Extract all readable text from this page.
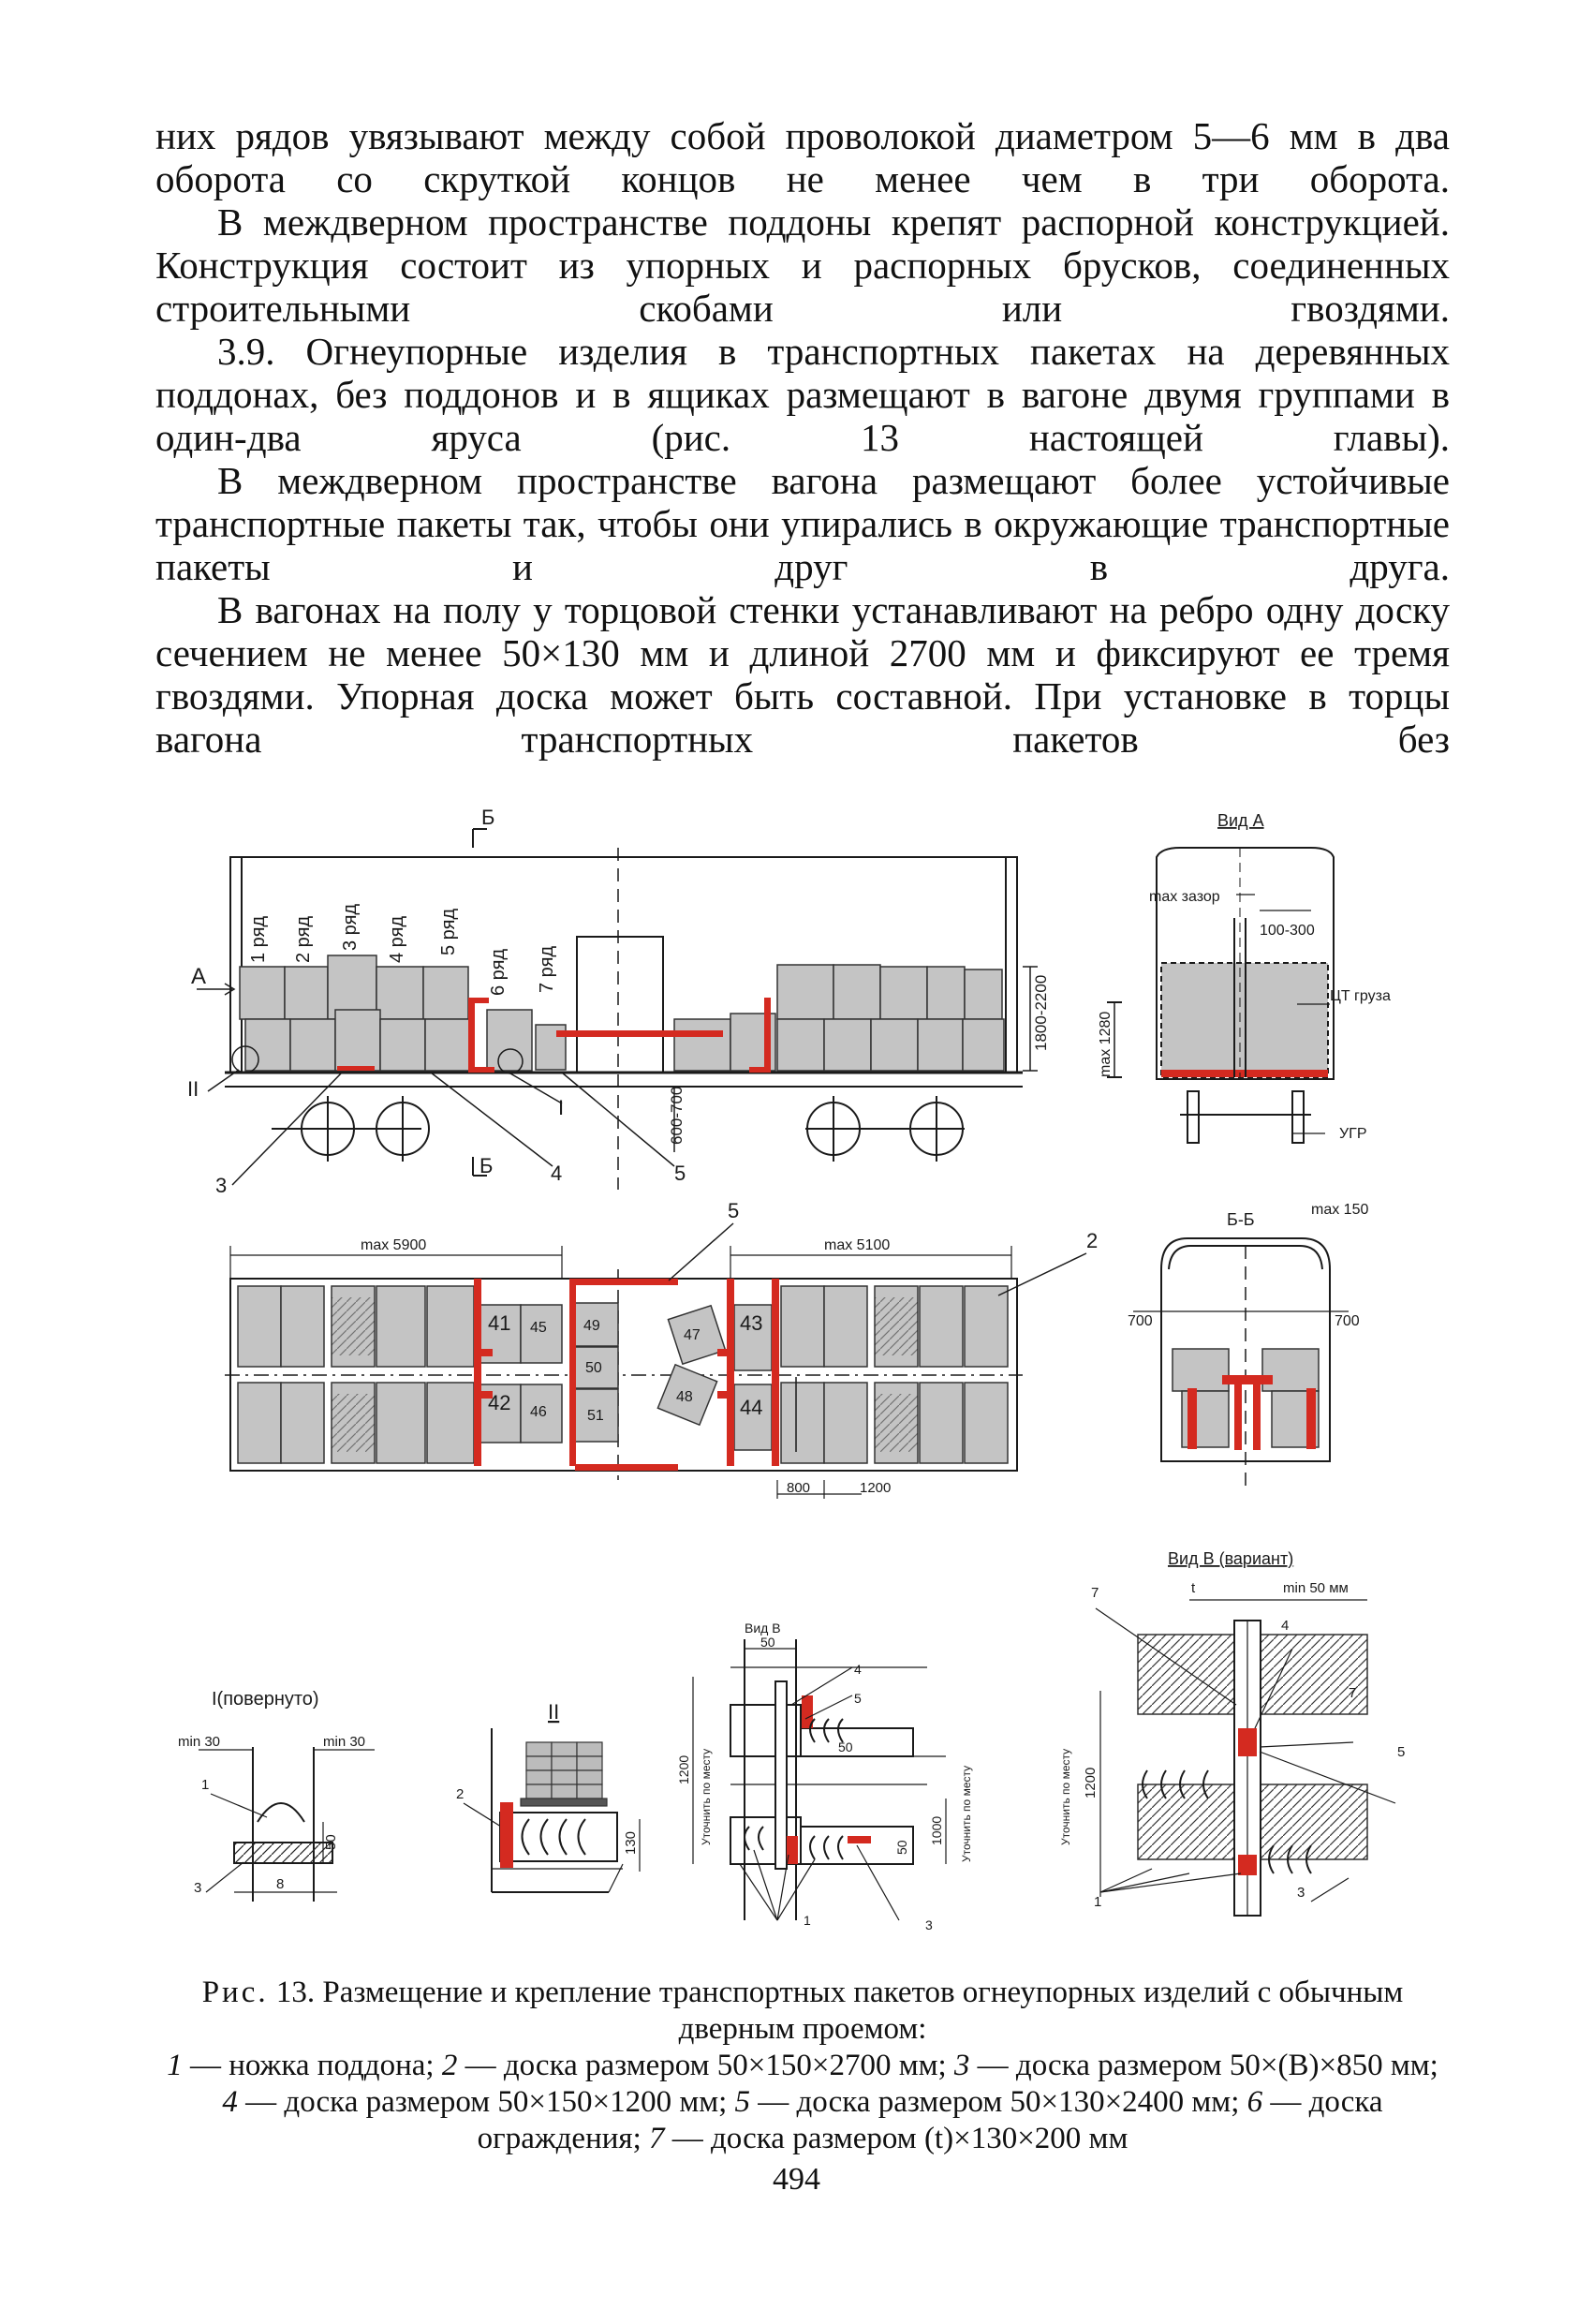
них рядов увязывают между собой проволокой диаметром 5—6 мм в два оборота со скруткой концов не менее чем в три оборота.

В междверном пространстве поддоны крепят распорной конструкцией. Конструкция состоит из упорных и распорных брусков, соединенных строительными скобами или гвоздями.

3.9. Огнеупорные изделия в транспортных пакетах на деревянных поддонах, без поддонов и в ящиках размещают в вагоне двумя группами в один-два яруса (рис. 13 настоящей главы).

В междверном пространстве вагона размещают более устойчивые транспортные пакеты так, чтобы они упирались в окружающие транспортные пакеты и друг в друга.

В вагонах на полу у торцовой стенки устанавливают на ребро одну доску сечением не менее 50×130 мм и длиной 2700 мм и фиксируют ее тремя гвоздями. Упорная доска может быть составной. При установке в торцы вагона транспортных пакетов без

Б
Б
A
II
I
3
4	5
1 ряд 2 ряд 3 ряд 4 ряд 5 ряд
6 ряд 7 ряд
1800-2200
600-700
Вид А
max зазор
100-300
ЦТ груза
max 1280
УГР
max 5900	max 5100
5
2
41 45 49
50
51
42 46
47
48
43
44
800	1200
Б-Б
max 150
700	700
I(повернуто)
min 30	min 30
1
3
50
8
II
2
130
Вид В
50
4
5
1200 Уточнить по месту
50
50
1000 Уточнить по месту
1	3
Вид В (вариант)
t	min 50 мм
7
4
7
5
1200
Уточнить по месту
1
3

Рис. 13. Размещение и крепление транспортных пакетов огнеупорных изделий с обычным дверным проемом:

1 — ножка поддона; 2 — доска размером 50×150×2700 мм; 3 — доска размером 50×(В)×850 мм; 4 — доска размером 50×150×1200 мм; 5 — доска размером 50×130×2400 мм; 6 — доска ограждения; 7 — доска размером (t)×130×200 мм

494
